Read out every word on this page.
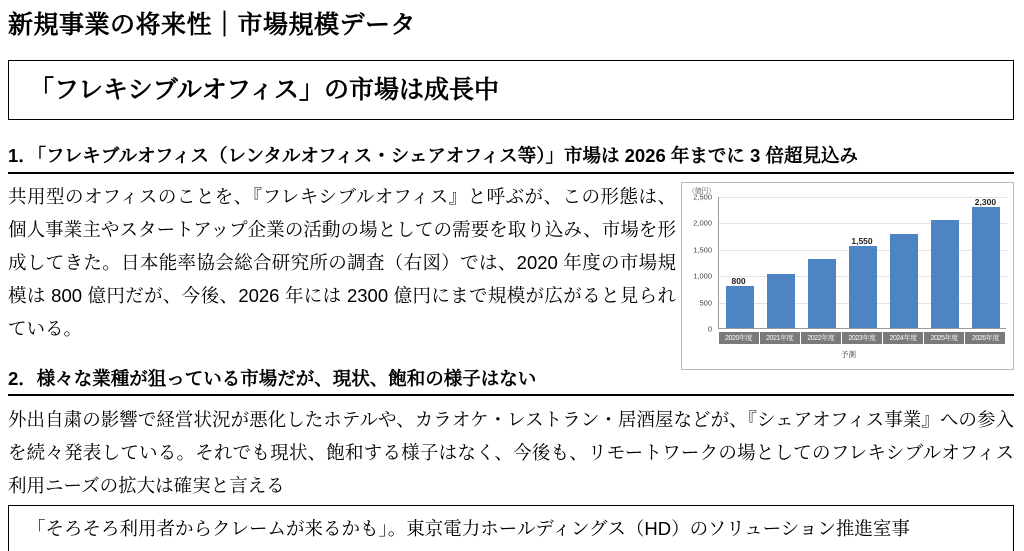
新規事業の将来性｜市場規模データ
「フレキシブルオフィス」の市場は成長中
1．「フレキブルオフィス（レンタルオフィス・シェアオフィス等）」市場は 2026 年までに 3 倍超見込み
共用型のオフィスのことを、『フレキシブルオフィス』と呼ぶが、この形態は、個人事業主やスタートアップ企業の活動の場としての需要を取り込み、市場を形成してきた。日本能率協会総合研究所の調査（右図）では、2020 年度の市場規模は 800 億円だが、今後、2026 年には 2300 億円にまで規模が広がると見られている。
2．様々な業種が狙っている市場だが、現状、飽和の様子はない
外出自粛の影響で経営状況が悪化したホテルや、カラオケ・レストラン・居酒屋などが、『シェアオフィス事業』への参入を続々発表している。それでも現状、飽和する様子はなく、今後も、リモートワークの場としてのフレキシブルオフィス利用ニーズの拡大は確実と言える
「そろそろ利用者からクレームが来るかも」。東京電力ホールディングス（HD）のソリューション推進室事
（億円）
予測
0
500
1,000
1,500
2,000
2,500
800
2020年度	2021年度	2022年度
1,550
2023年度	2024年度	2025年度
2,300
2026年度
